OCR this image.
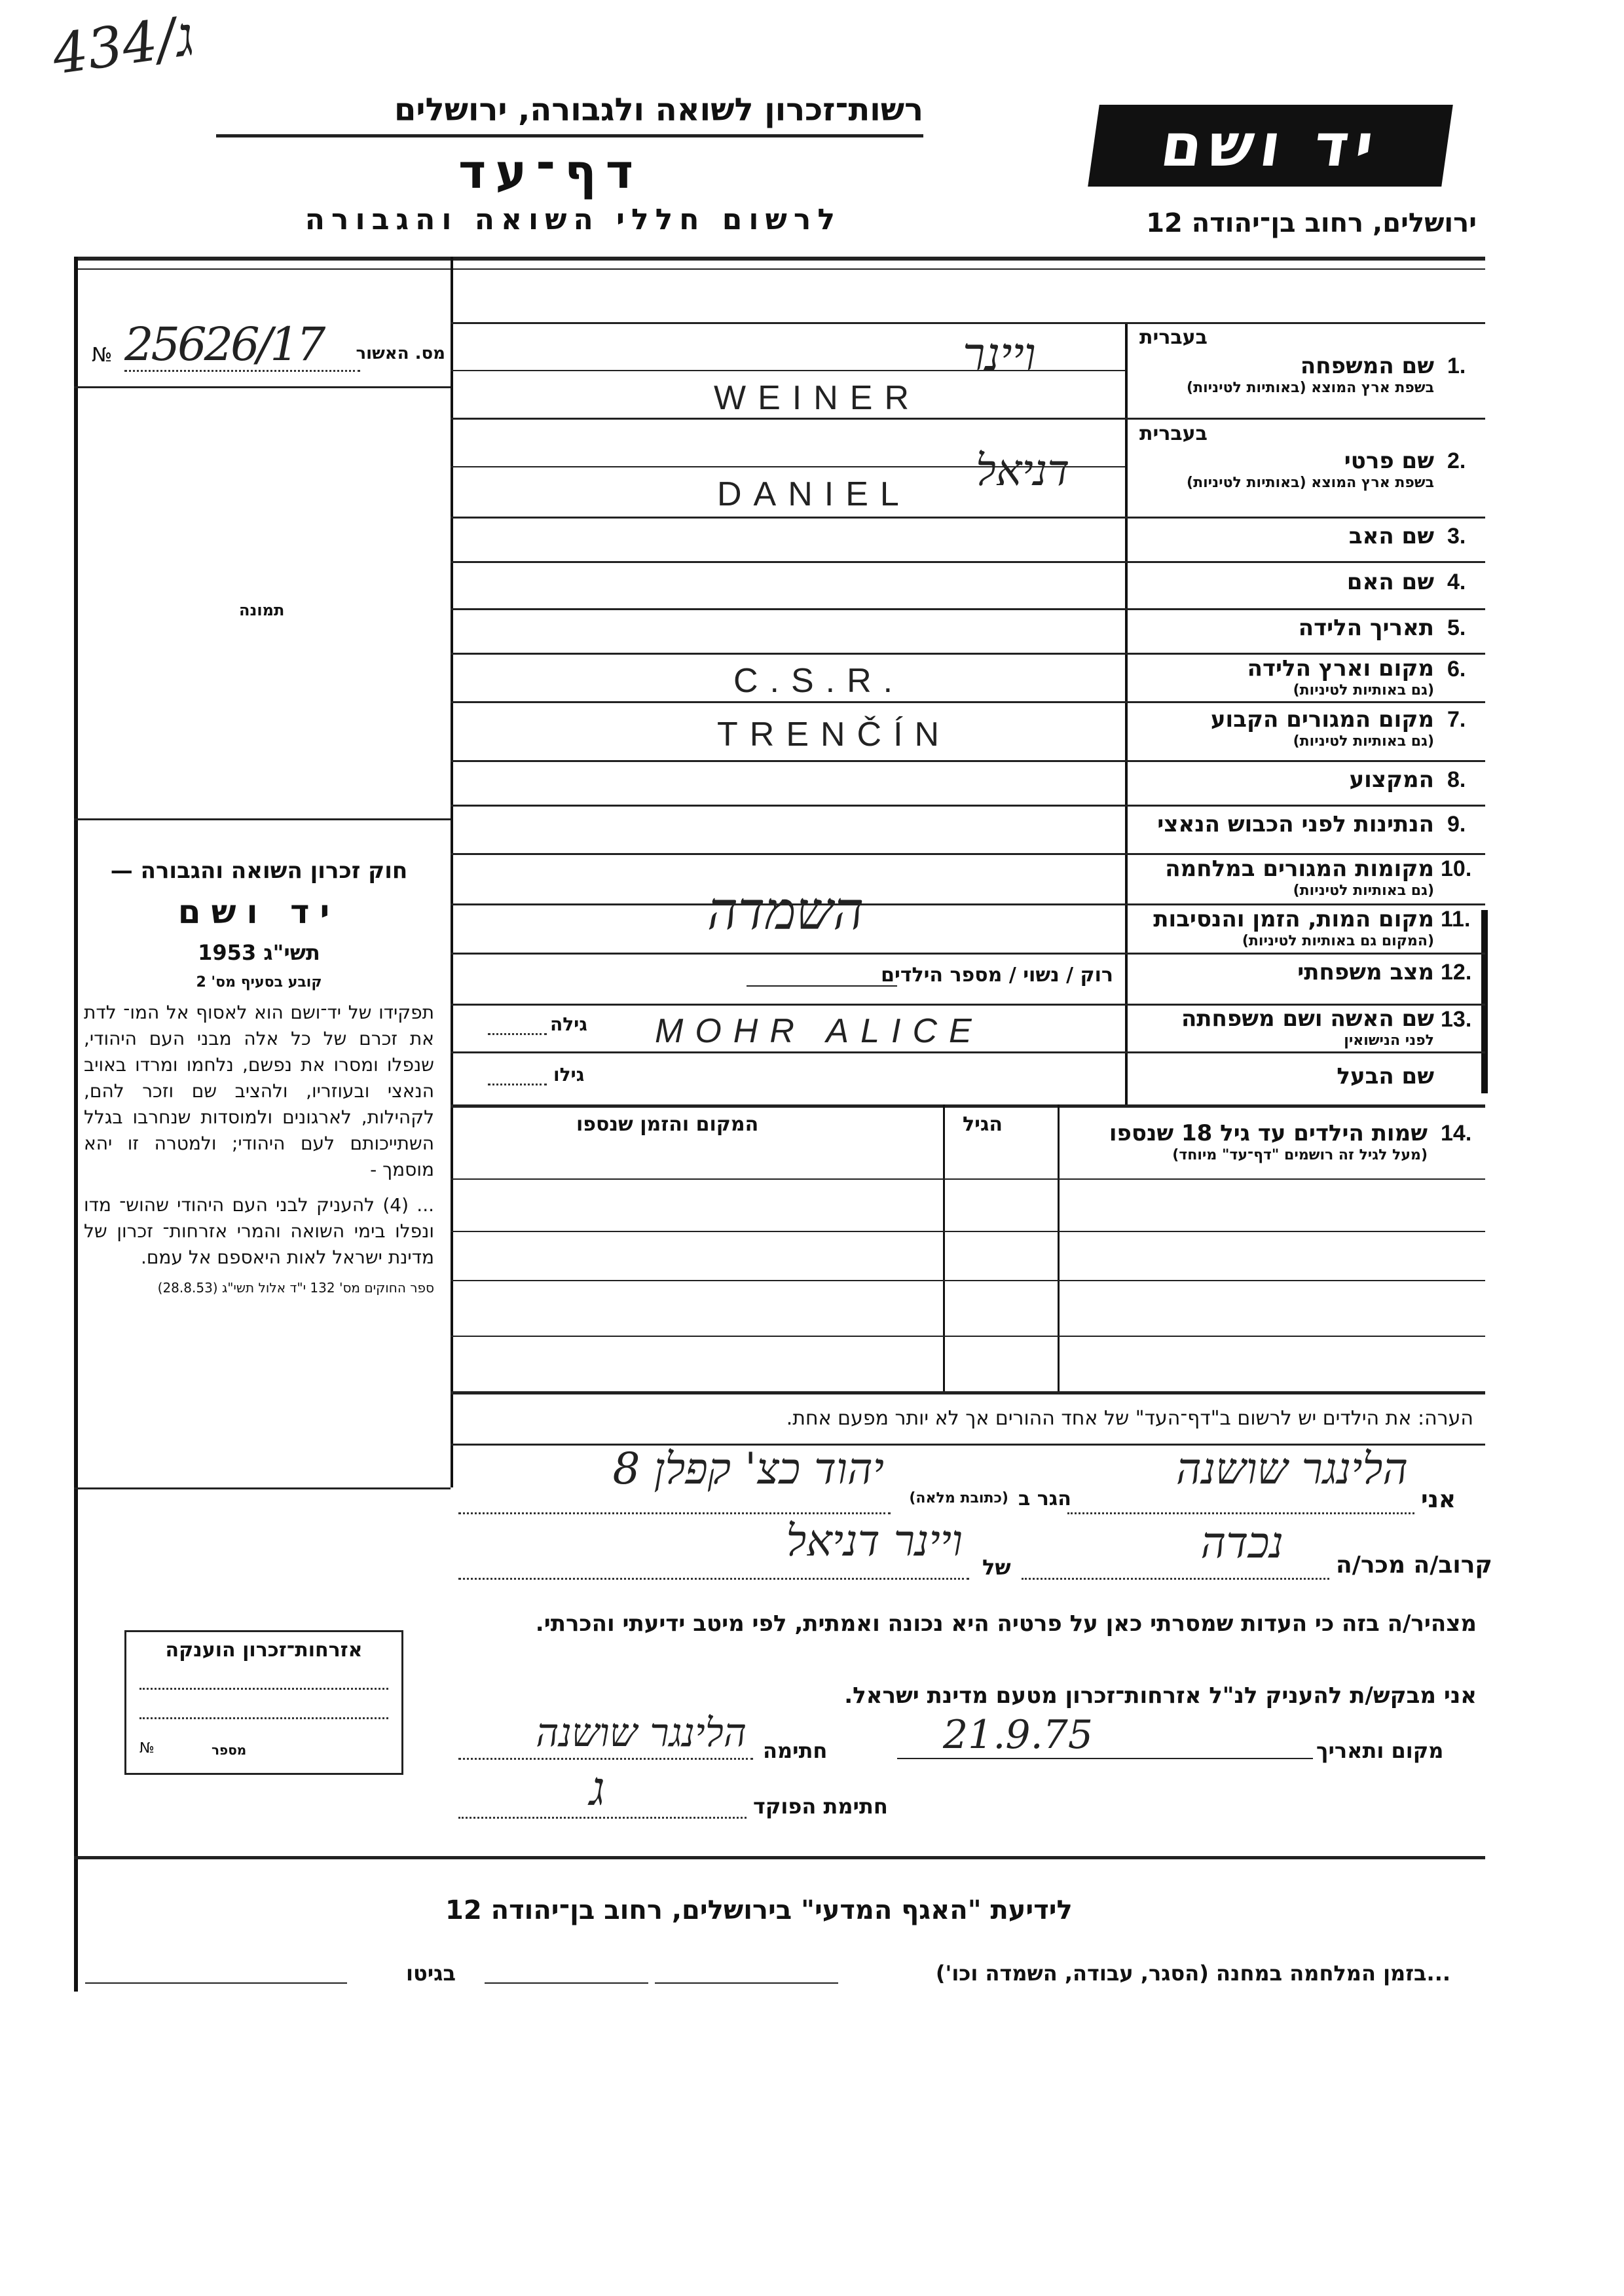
434/ג
רשות־זכרון לשואה ולגבורה, ירושלים
דף־עד
לרשום חללי השואה והגבורה
יד ושם
ירושלים, רחוב בן־יהודה 12
№ 25626/17 מס. האשור
תמונה
חוק זכרון השואה והגבורה —
יד ושם
תשי"ג 1953
קובע בסעיף מס' 2
תפקידו של יד־ושם הוא לאסוף אל המו־ לדת את זכרם של כל אלה מבני העם היהודי, שנפלו ומסרו את נפשם, נלחמו ומרדו באויב הנאצי ובעוזריו, ולהציב שם וזכר להם, לקהילות, לארגונים ולמוסדות שנחרבו בגלל השתייכותם לעם היהודי; ולמטרה זו יהא מוסמך -
... (4) להעניק לבני העם היהודי שהוש־ מדו ונפלו בימי השואה והמרי אזרחות־ זכרון של מדינת ישראל לאות היאספם אל עמם.
ספר החוקים מס' 132 י"ד אלול תשי"ג (28.8.53)
בעברית
שם המשפחה
בשפת ארץ המוצא (באותיות לטיניות)
1.
WEINER
ויינר
בעברית
שם פרטי
בשפת ארץ המוצא (באותיות לטיניות)
2.
DANIEL דניאל
שם האב 3.
שם האם 4.
תאריך הלידה 5.
מקום וארץ הלידה
(גם באותיות לטיניות)
6.
C.S.R.
מקום המגורים הקבוע
(גם באותיות לטיניות)
7.
TRENČÍN
המקצוע 8.
הנתינות לפני הכבוש הנאצי 9.
מקומות המגורים במלחמה
(גם באותיות לטיניות)
10.
מקום המות, הזמן והנסיבות
(המקום גם באותיות לטיניות)
11.
השמדה
מצב משפחתי 12.
רוק / נשוי / מספר הילדים
שם האשה ושם משפחתה
לפני הנישואין
13.
MOHR ALICE
גילה
שם הבעל
גילו
שמות הילדים עד גיל 18 שנספו
(מעל לגיל זה רושמים "דף־עד" מיוחד)
14.
הגיל
המקום והזמן שנספו
הערה: את הילדים יש לרשום ב"דף־העד" של אחד ההורים אך לא יותר מפעם אחת.
אני
הלינגר שושנה
הגר ב
(כתובת מלאה)
יהוד כצ' קפלן 8
קרוב/ה מכר/ה
נכדה
של
ויינר דניאל
מצהיר/ה בזה כי העדות שמסרתי כאן על פרטיה היא נכונה ואמתית, לפי מיטב ידיעתי והכרתי.
אני מבקש/ת להעניק לנ"ל אזרחות־זכרון מטעם מדינת ישראל.
מקום ותאריך
21.9.75
חתימה
הלינגר שושנה
חתימת הפוקד
ג
אזרחות־זכרון הוענקה
№	מספר
לידיעת "האגף המדעי" בירושלים, רחוב בן־יהודה 12
...בזמן המלחמה במחנה (הסגר, עבודה, השמדה וכו')
בגיטו
